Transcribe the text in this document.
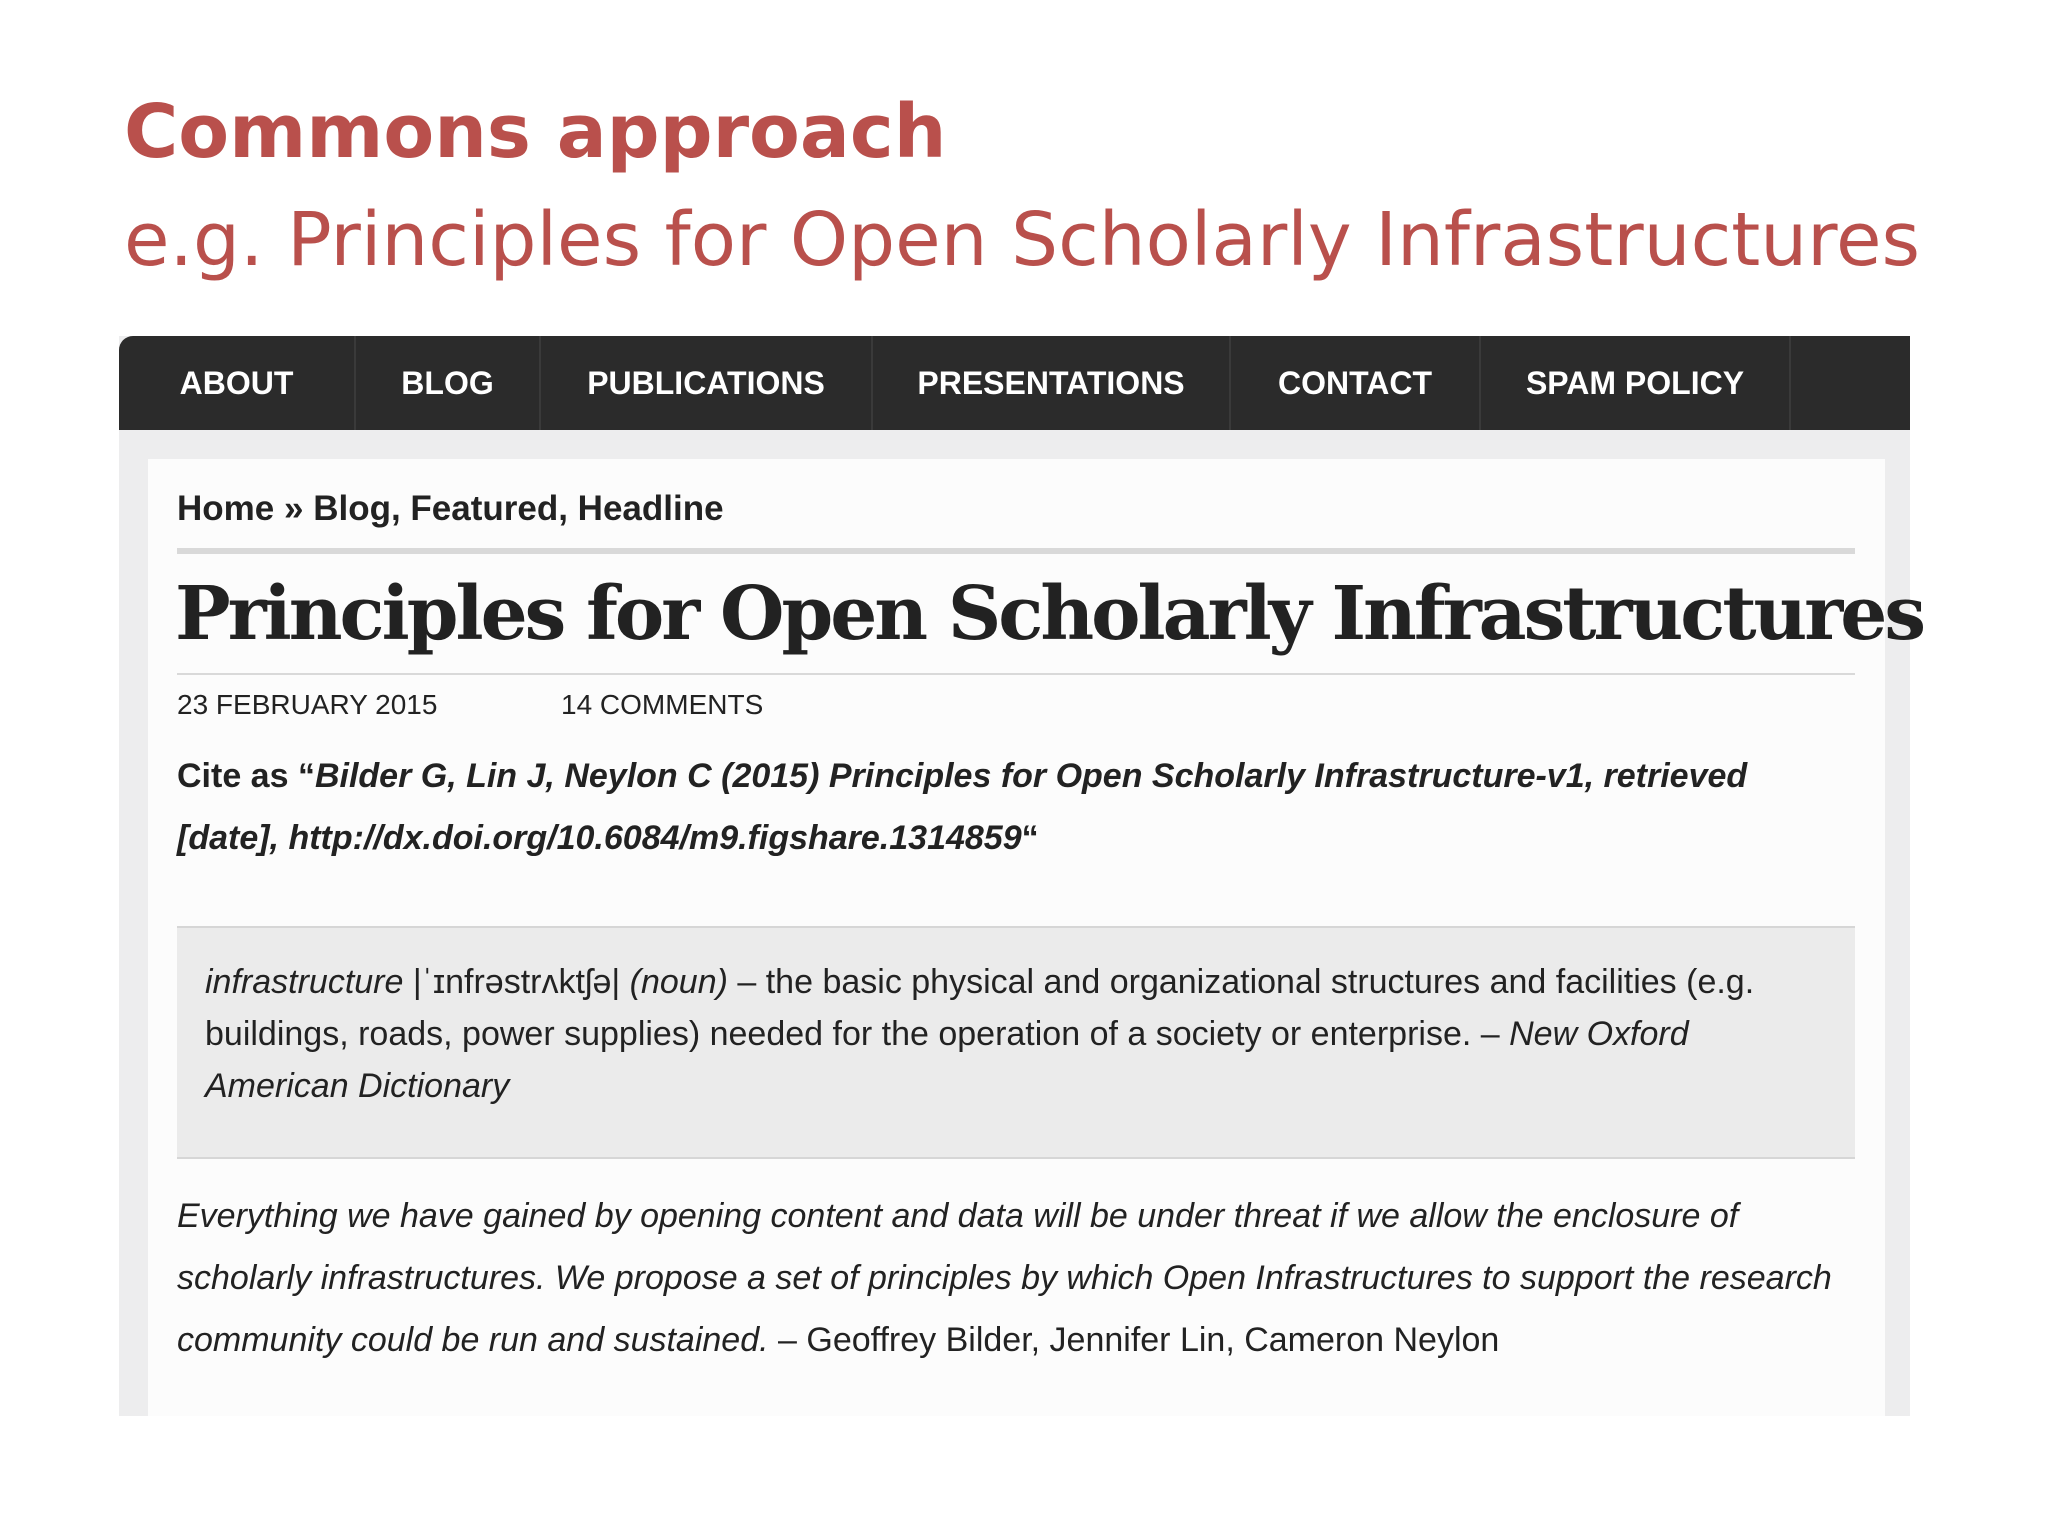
Commons approach
e.g. Principles for Open Scholarly Infrastructures
ABOUT	BLOG	PUBLICATIONS	PRESENTATIONS	CONTACT	SPAM POLICY
Home » Blog, Featured, Headline
Principles for Open Scholarly Infrastructures
23 FEBRUARY 2015	14 COMMENTS
Cite as “Bilder G, Lin J, Neylon C (2015) Principles for Open Scholarly Infrastructure-v1, retrieved [date], http://dx.doi.org/10.6084/m9.figshare.1314859“

infrastructure |ˈɪnfrəstrʌktʃə| (noun) – the basic physical and organizational structures and facilities (e.g. buildings, roads, power supplies) needed for the operation of a society or enterprise. – New Oxford American Dictionary

Everything we have gained by opening content and data will be under threat if we allow the enclosure of scholarly infrastructures. We propose a set of principles by which Open Infrastructures to support the research community could be run and sustained. – Geoffrey Bilder, Jennifer Lin, Cameron Neylon
